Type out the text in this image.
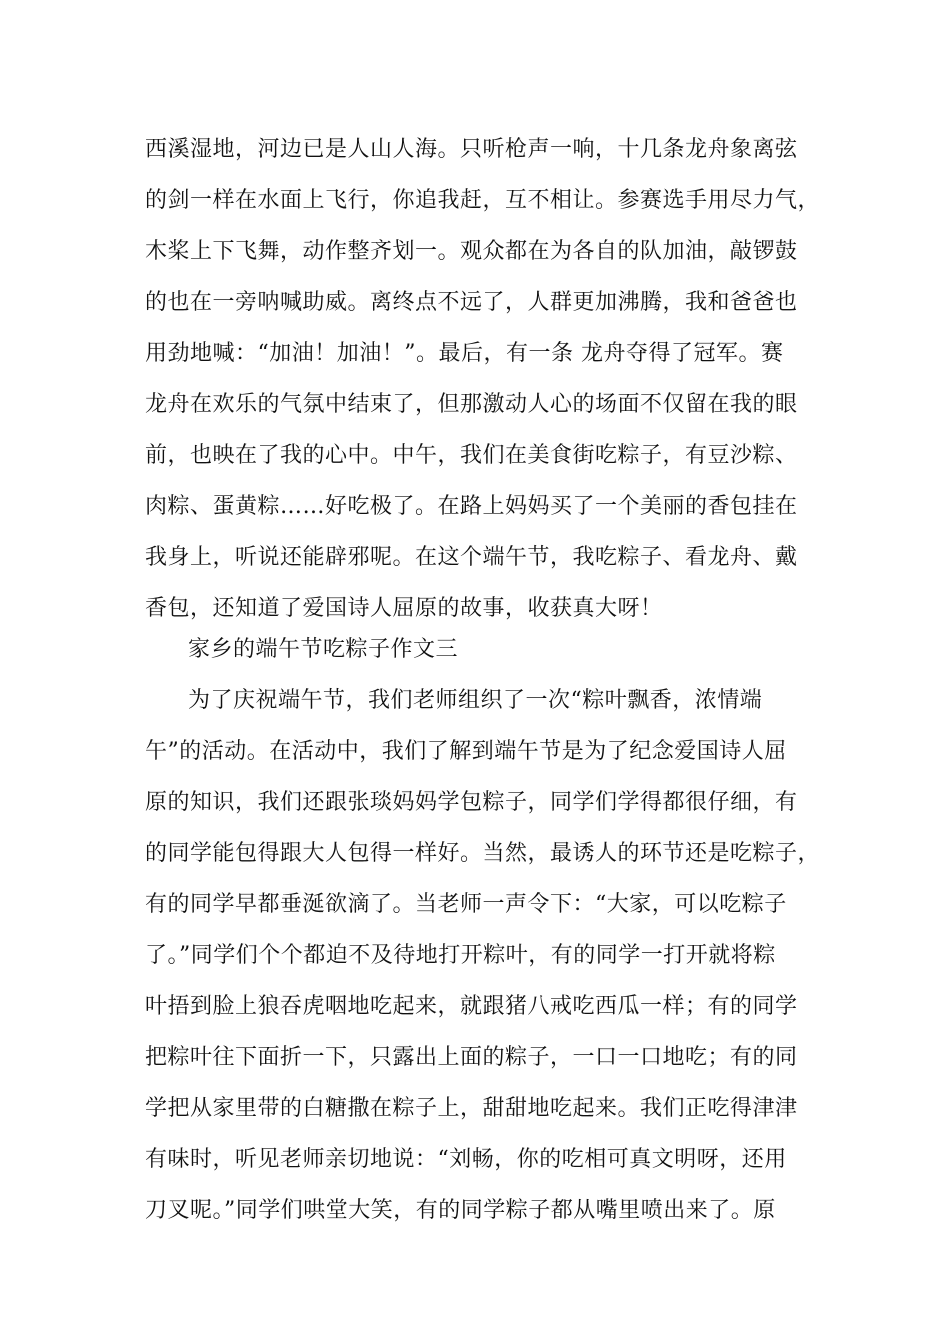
西溪湿地，河边已是人山人海。只听枪声一响，十几条龙舟象离弦
的剑一样在水面上飞行，你追我赶，互不相让。参赛选手用尽力气，
木桨上下飞舞，动作整齐划一。观众都在为各自的队加油，敲锣鼓
的也在一旁呐喊助威。离终点不远了，人群更加沸腾，我和爸爸也
用劲地喊：“加油！加油！”。最后，有一条 龙舟夺得了冠军。赛
龙舟在欢乐的气氛中结束了，但那激动人心的场面不仅留在我的眼
前，也映在了我的心中。中午，我们在美食街吃粽子，有豆沙粽、
肉粽、蛋黄粽……好吃极了。在路上妈妈买了一个美丽的香包挂在
我身上，听说还能辟邪呢。在这个端午节，我吃粽子、看龙舟、戴
香包，还知道了爱国诗人屈原的故事，收获真大呀！
家乡的端午节吃粽子作文三
为了庆祝端午节，我们老师组织了一次“粽叶飘香，浓情端
午”的活动。在活动中，我们了解到端午节是为了纪念爱国诗人屈
原的知识，我们还跟张琰妈妈学包粽子，同学们学得都很仔细，有
的同学能包得跟大人包得一样好。当然，最诱人的环节还是吃粽子，
有的同学早都垂涎欲滴了。当老师一声令下：“大家，可以吃粽子
了。”同学们个个都迫不及待地打开粽叶，有的同学一打开就将粽
叶捂到脸上狼吞虎咽地吃起来，就跟猪八戒吃西瓜一样；有的同学
把粽叶往下面折一下，只露出上面的粽子，一口一口地吃；有的同
学把从家里带的白糖撒在粽子上，甜甜地吃起来。我们正吃得津津
有味时，听见老师亲切地说：“刘畅，你的吃相可真文明呀，还用
刀叉呢。”同学们哄堂大笑，有的同学粽子都从嘴里喷出来了。原
